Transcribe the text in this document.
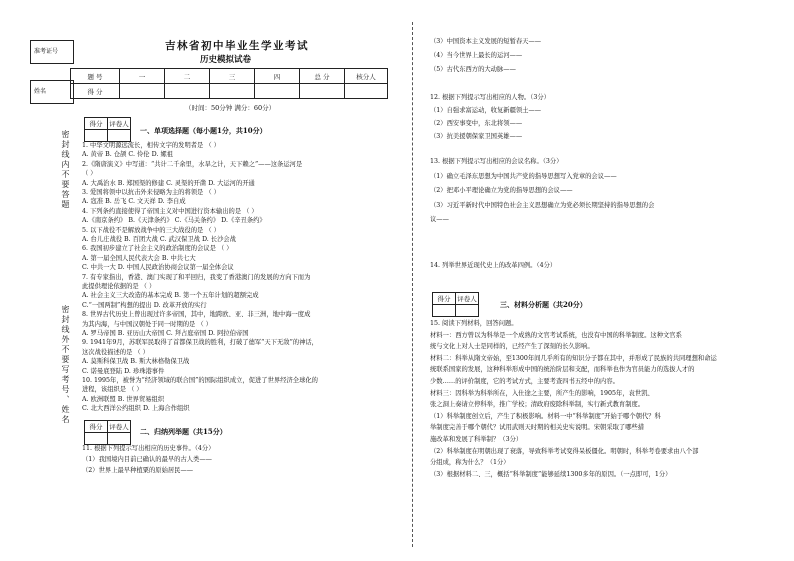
准考证号
姓名
密封线内不要答题
密封线外不要写考号、姓名
吉林省初中毕业生学业考试
历史模拟试卷
题 号	一	二	三	四	总 分	核分人
得 分						
（时间：50分钟 满分：60分）
得分	评卷人

一、单项选择题（每小题1分，共10分）
1. 中华文明源远流长，相传文字的发明者是 （ ）
A. 黄帝 B. 仓颉 C. 伶伦 D. 嫘祖
2.《隋唐演义》中写道：“共计二千余里，水旱之计，天下赖之”——这条运河是
（ ）
A. 大禹治水 B. 郑国渠的修建 C. 灵渠的开凿 D. 大运河的开通
3. 爱国将领中以抗击外来侵略为主的将领是 （ ）
A. 寇准 B. 岳飞 C. 文天祥 D. 李自成
4. 下列条约直接使得了帝国主义对中国进行资本输出的是 （ ）
A.《南京条约》 B.《天津条约》 C.《马关条约》 D.《辛丑条约》
5. 以下战役不是解放战争中的三大战役的是 （ ）
A. 台儿庄战役 B. 百团大战 C. 武汉保卫战 D. 长沙会战
6. 我国初步建立了社会主义的政治制度的会议是 （ ）
A. 第一届全国人民代表大会 B. 中共七大
C. 中共一大 D. 中国人民政治协商会议第一届全体会议
7. 有专家指出，香港、澳门实现了和平回归，我变了香港澳门的发展的方向下而为
此提供理论依据的是 （ ）
A. 社会主义三大改造的基本完成 B. 第一个五年计划的超额完成
C.“一国两制”构想的提出 D. 改革开放的实行
8. 世界古代历史上曾出现过许多帝国，其中，地跨欧、亚、非三洲，地中海一度成
为其内海，与中国汉朝处于同一时期的是 （ ）
A. 罗马帝国 B. 亚历山大帝国 C. 拜占庭帝国 D. 阿拉伯帝国
9. 1941年9月，苏联军民取得了首都保卫战的胜利，打破了德军“天下无敌”的神话，
这次战役描述的是 （ ）
A. 莫斯科保卫战 B. 斯大林格勒保卫战
C. 诺曼底登陆 D. 珍珠港事件
10. 1995年，被誉为“经济领域的联合国”的国际组织成立，促进了世界经济全球化的
进程，该组织是 （ ）
A. 欧洲联盟 B. 世界贸易组织
C. 北大西洋公约组织 D. 上海合作组织
得分	评卷人
	二、归纳列举题（共15分）
11. 根据下列提示写出相应的历史事件。（4分）
（1）我国境内目前已确认的最早的古人类——
（2）世界上最早种植粟的原始居民——
（3）中国资本主义发展的短暂春天——
（4）当今世界上最长的运河——
（5）古代东西方的大动脉——
12. 根据下列提示写出相应的人物。（3分）
（1）自强求富运动，收复新疆领土——
（2）西安事变中，东北将领——
（3）抗美援朝保家卫国英雄——
13. 根据下列提示写出相应的会议名称。（3分）
（1）确立毛泽东思想为中国共产党的指导思想写入党章的会议——
（2）把邓小平理论确立为党的指导思想的会议——
（3）习近平新时代中国特色社会主义思想确立为党必须长期坚持的指导思想的会
议——
14. 列举世界近现代史上的改革四例。（4分）
得分	评卷人

三、材料分析题（共20分）
15. 阅读下列材料，回答问题。
材料一：西方曾以为科举是一个成熟的文官考试系统，也没有中国的科举制度。这种文官系
统与文化上对人士是同样的，已经产生了深刻的长久影响。
材料二：科举从隋文帝始，至1300年间几乎所有的知识分子都在其中，并形成了民族的共同理想和命运
统联系国家的发展，这种科举形成中国的统治阶层和支配，而科举也作为官员能力的选拔人才的
少数……的评价制度，它的考试方式，主要考查四书五经中的内容。
材料三：因科举为科举所在，入仕途之主要，所产生的影响，1905年，袁世凯、
张之洞上奏请立停科举，推广学校；清政府废除科举制，实行新式教育制度。
（1）科举制度创立后，产生了积极影响。材料一中“科举制度”开始于哪个朝代？科
举制度完善于哪个朝代？试用武则天时期的相关史实说明。宋朝采取了哪些措
施改革和发展了科举制？（3分）
（2）科举制度在明朝出现了衰落，导致科举考试变得呆板僵化。明朝时，科举考卷要求由八个部
分组成，称为什么？（1分）
（3）根据材料二、三，概括“科举制度”能够延续1300多年的原因。（一点即可，1分）
